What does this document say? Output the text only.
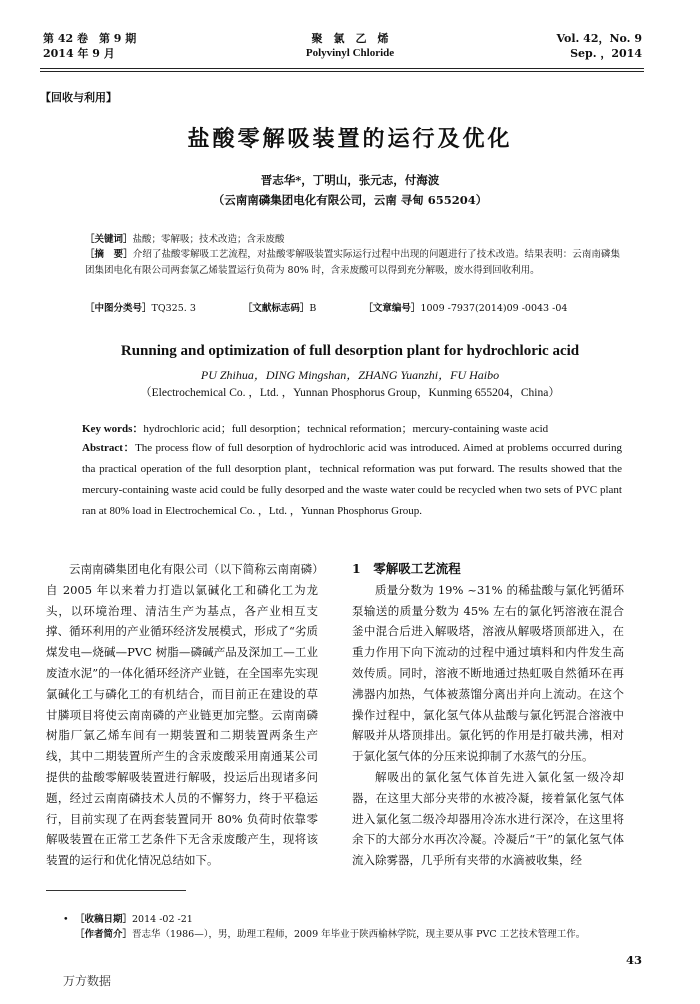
第 42 卷　第 9 期
2014 年 9 月
聚　氯　乙　烯
Polyvinyl Chloride
Vol. 42，No. 9
Sep. ，2014
【回收与利用】
盐酸零解吸装置的运行及优化
晋志华*，丁明山，张元志，付海波
（云南南磷集团电化有限公司，云南 寻甸 655204）
［关键词］盐酸；零解吸；技术改造；含汞废酸
［摘　要］介绍了盐酸零解吸工艺流程，对盐酸零解吸装置实际运行过程中出现的问题进行了技术改造。结果表明：云南南磷集团集团电化有限公司两套氯乙烯装置运行负荷为 80% 时，含汞废酸可以得到充分解吸，废水得到回收利用。
［中图分类号］TQ325. 3	［文献标志码］B	［文章编号］1009 -7937(2014)09 -0043 -04
Running and optimization of full desorption plant for hydrochloric acid
PU Zhihua，DING Mingshan，ZHANG Yuanzhi，FU Haibo
（Electrochemical Co. ，Ltd. ，Yunnan Phosphorus Group，Kunming 655204，China）
Key words：hydrochloric acid；full desorption；technical reformation；mercury-containing waste acid
Abstract：The process flow of full desorption of hydrochloric acid was introduced. Aimed at problems occurred during tha practical operation of the full desorption plant，technical reformation was put forward. The results showed that the mercury-containing waste acid could be fully desorped and the waste water could be recycled when two sets of PVC plant ran at 80% load in Electrochemical Co. ，Ltd. ，Yunnan Phosphorus Group.

云南南磷集团电化有限公司（以下简称云南南磷）自 2005 年以来着力打造以氯碱化工和磷化工为龙头，以环境治理、清洁生产为基点，各产业相互支撑、循环利用的产业循环经济发展模式，形成了“劣质煤发电—烧碱—PVC 树脂—磷碱产品及深加工—工业废渣水泥”的一体化循环经济产业链，在全国率先实现氯碱化工与磷化工的有机结合，而目前正在建设的草甘膦项目将使云南南磷的产业链更加完整。云南南磷树脂厂氯乙烯车间有一期装置和二期装置两条生产线，其中二期装置所产生的含汞废酸采用南通某公司提供的盐酸零解吸装置进行解吸，投运后出现诸多问题，经过云南南磷技术人员的不懈努力，终于平稳运行，目前实现了在两套装置同开 80% 负荷时依靠零解吸装置在正常工艺条件下无含汞废酸产生，现将该装置的运行和优化情况总结如下。

1　零解吸工艺流程

质量分数为 19% ~31% 的稀盐酸与氯化钙循环泵输送的质量分数为 45% 左右的氯化钙溶液在混合釜中混合后进入解吸塔，溶液从解吸塔顶部进入，在重力作用下向下流动的过程中通过填料和内件发生高效传质。同时，溶液不断地通过热虹吸自然循环在再沸器内加热，气体被蒸馏分离出并向上流动。在这个操作过程中，氯化氢气体从盐酸与氯化钙混合溶液中解吸并从塔顶排出。氯化钙的作用是打破共沸，相对于氯化氢气体的分压来说抑制了水蒸气的分压。

解吸出的氯化氢气体首先进入氯化氢一级冷却器，在这里大部分夹带的水被冷凝，接着氯化氢气体进入氯化氢二级冷却器用冷冻水进行深冷，在这里将余下的大部分水再次冷凝。冷凝后“干”的氯化氢气体流入除雾器，几乎所有夹带的水滴被收集，经

• ［收稿日期］2014 -02 -21
［作者简介］晋志华（1986—），男，助理工程师，2009 年毕业于陕西榆林学院，现主要从事 PVC 工艺技术管理工作。
43
万方数据
